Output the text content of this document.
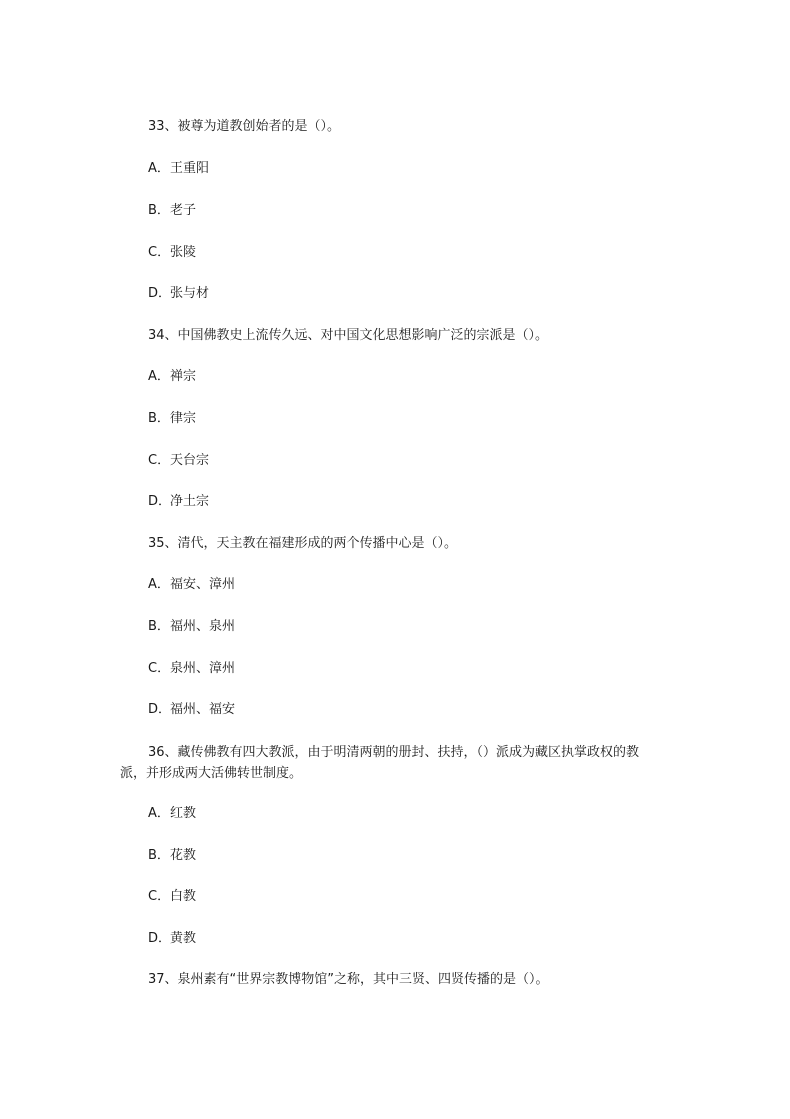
33、被尊为道教创始者的是（）。
A．王重阳
B．老子
C．张陵
D．张与材
34、中国佛教史上流传久远、对中国文化思想影响广泛的宗派是（）。
A．禅宗
B．律宗
C．天台宗
D．净土宗
35、清代，天主教在福建形成的两个传播中心是（）。
A．福安、漳州
B．福州、泉州
C．泉州、漳州
D．福州、福安
36、藏传佛教有四大教派，由于明清两朝的册封、扶持，（）派成为藏区执掌政权的教派，并形成两大活佛转世制度。
A．红教
B．花教
C．白教
D．黄教
37、泉州素有“世界宗教博物馆”之称，其中三贤、四贤传播的是（）。
